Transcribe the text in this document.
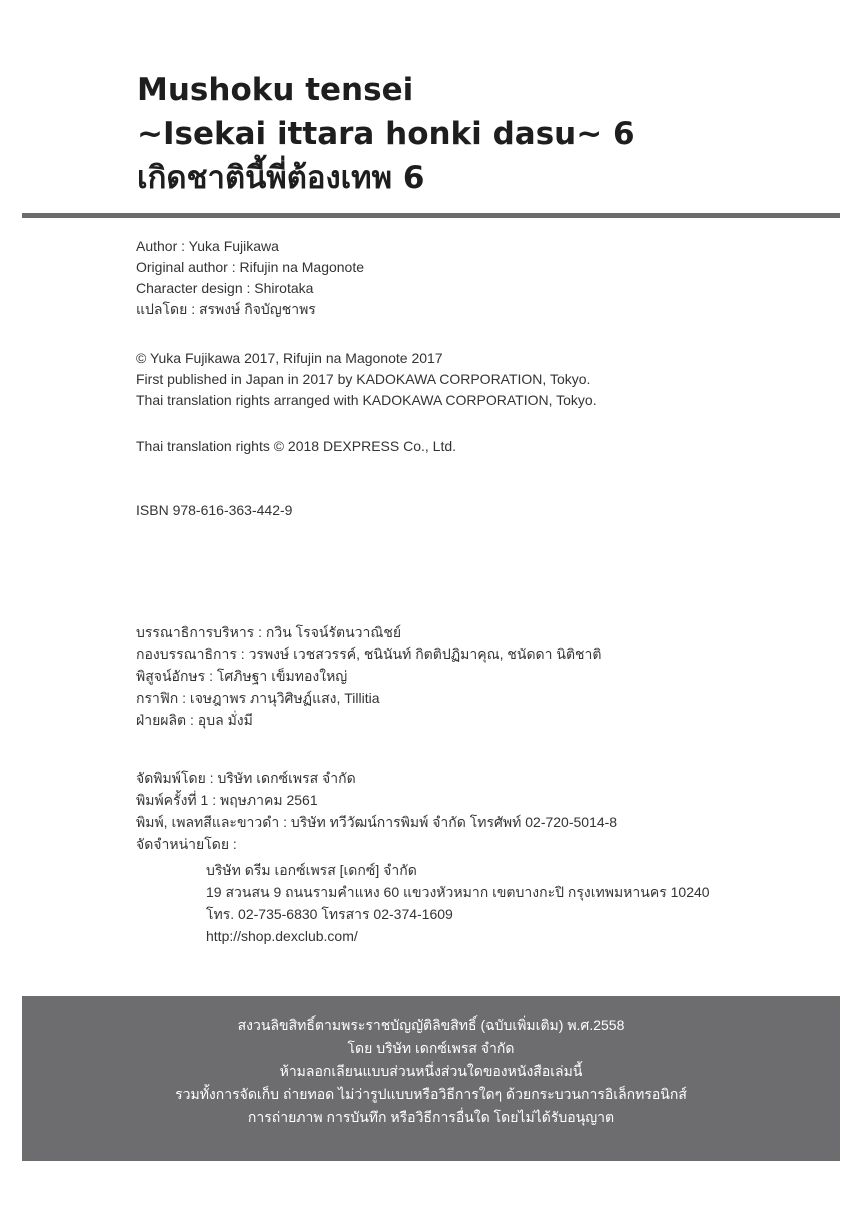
Mushoku tensei
~Isekai ittara honki dasu~ 6
เกิดชาตินี้พี่ต้องเทพ 6
Author : Yuka Fujikawa
Original author : Rifujin na Magonote
Character design : Shirotaka
แปลโดย : สรพงษ์ กิจบัญชาพร
© Yuka Fujikawa 2017, Rifujin na Magonote 2017
First published in Japan in 2017 by KADOKAWA CORPORATION, Tokyo.
Thai translation rights arranged with KADOKAWA CORPORATION, Tokyo.
Thai translation rights © 2018 DEXPRESS Co., Ltd.
ISBN 978-616-363-442-9
บรรณาธิการบริหาร : กวิน โรจน์รัตนวาณิชย์
กองบรรณาธิการ : วรพงษ์ เวชสวรรค์, ชนินันท์ กิตติปฏิมาคุณ, ชนัดดา นิติชาติ
พิสูจน์อักษร : โศภิษฐา เข็มทองใหญ่
กราฟิก : เจษฎาพร ภานุวิศิษฏ์แสง, Tillitia
ฝ่ายผลิต : อุบล มั่งมี
จัดพิมพ์โดย : บริษัท เดกซ์เพรส จำกัด
พิมพ์ครั้งที่ 1 : พฤษภาคม 2561
พิมพ์, เพลทสีและขาวดำ : บริษัท ทวีวัฒน์การพิมพ์ จำกัด โทรศัพท์ 02-720-5014-8
จัดจำหน่ายโดย :
บริษัท ดรีม เอกซ์เพรส [เดกซ์] จำกัด
19 สวนสน 9 ถนนรามคำแหง 60 แขวงหัวหมาก เขตบางกะปิ กรุงเทพมหานคร 10240
โทร. 02-735-6830 โทรสาร 02-374-1609
http://shop.dexclub.com/
สงวนลิขสิทธิ์ตามพระราชบัญญัติลิขสิทธิ์ (ฉบับเพิ่มเติม) พ.ศ.2558
โดย บริษัท เดกซ์เพรส จำกัด
ห้ามลอกเลียนแบบส่วนหนึ่งส่วนใดของหนังสือเล่มนี้
รวมทั้งการจัดเก็บ ถ่ายทอด ไม่ว่ารูปแบบหรือวิธีการใดๆ ด้วยกระบวนการอิเล็กทรอนิกส์
การถ่ายภาพ การบันทึก หรือวิธีการอื่นใด โดยไม่ได้รับอนุญาต
